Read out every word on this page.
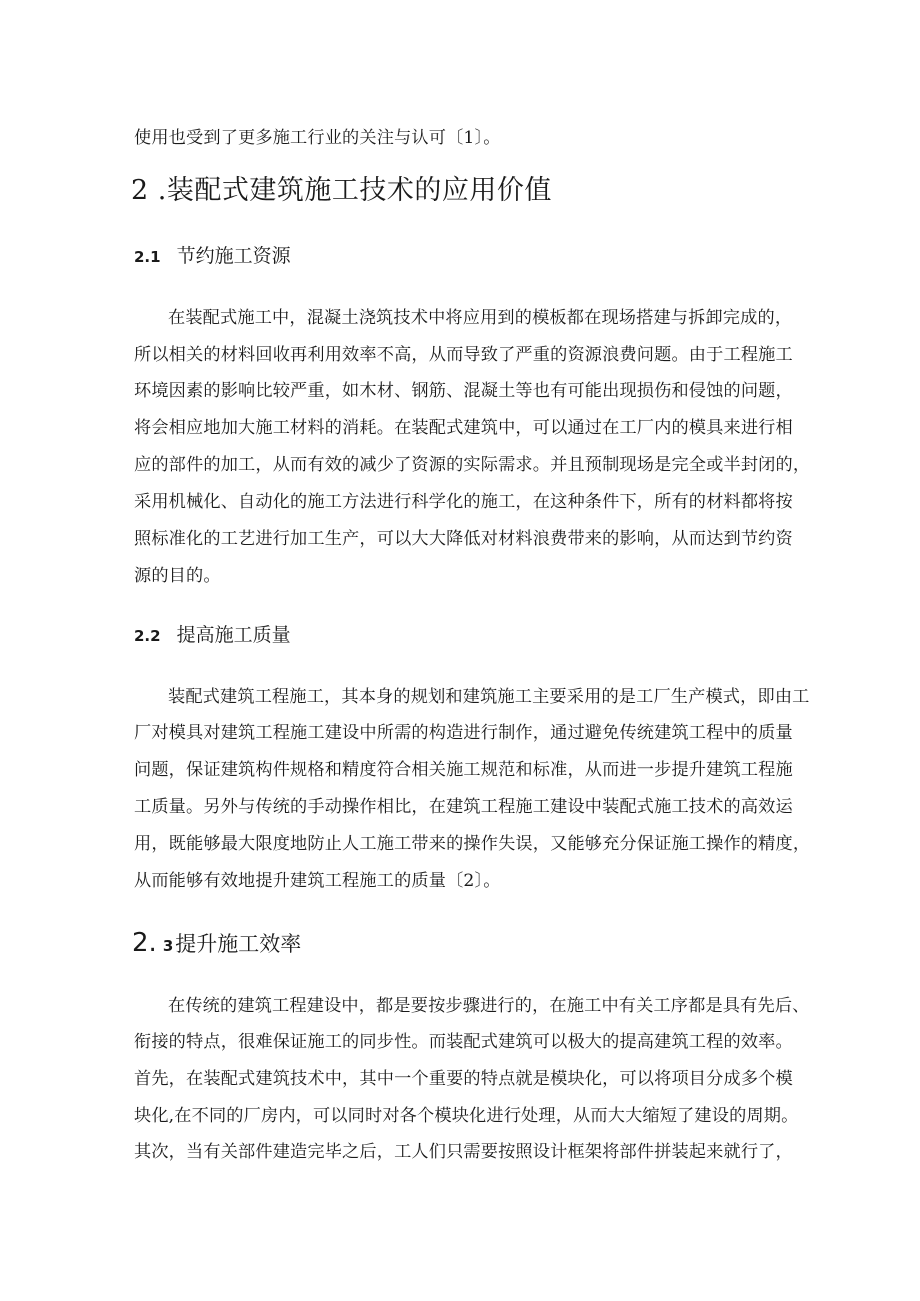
使用也受到了更多施工行业的关注与认可〔1〕。
2 .装配式建筑施工技术的应用价值
2.1 节约施工资源
在装配式施工中，混凝土浇筑技术中将应用到的模板都在现场搭建与拆卸完成的，
所以相关的材料回收再利用效率不高，从而导致了严重的资源浪费问题。由于工程施工
环境因素的影响比较严重，如木材、钢筋、混凝土等也有可能出现损伤和侵蚀的问题，
将会相应地加大施工材料的消耗。在装配式建筑中，可以通过在工厂内的模具来进行相
应的部件的加工，从而有效的减少了资源的实际需求。并且预制现场是完全或半封闭的，
采用机械化、自动化的施工方法进行科学化的施工，在这种条件下，所有的材料都将按
照标准化的工艺进行加工生产，可以大大降低对材料浪费带来的影响，从而达到节约资
源的目的。
2.2 提高施工质量
装配式建筑工程施工，其本身的规划和建筑施工主要采用的是工厂生产模式，即由工
厂对模具对建筑工程施工建设中所需的构造进行制作，通过避免传统建筑工程中的质量
问题，保证建筑构件规格和精度符合相关施工规范和标准，从而进一步提升建筑工程施
工质量。另外与传统的手动操作相比，在建筑工程施工建设中装配式施工技术的高效运
用，既能够最大限度地防止人工施工带来的操作失误，又能够充分保证施工操作的精度，
从而能够有效地提升建筑工程施工的质量〔2〕。
2. 3提升施工效率
在传统的建筑工程建设中，都是要按步骤进行的，在施工中有关工序都是具有先后、
衔接的特点，很难保证施工的同步性。而装配式建筑可以极大的提高建筑工程的效率。
首先，在装配式建筑技术中，其中一个重要的特点就是模块化，可以将项目分成多个模
块化,在不同的厂房内，可以同时对各个模块化进行处理，从而大大缩短了建设的周期。
其次，当有关部件建造完毕之后，工人们只需要按照设计框架将部件拼装起来就行了，
